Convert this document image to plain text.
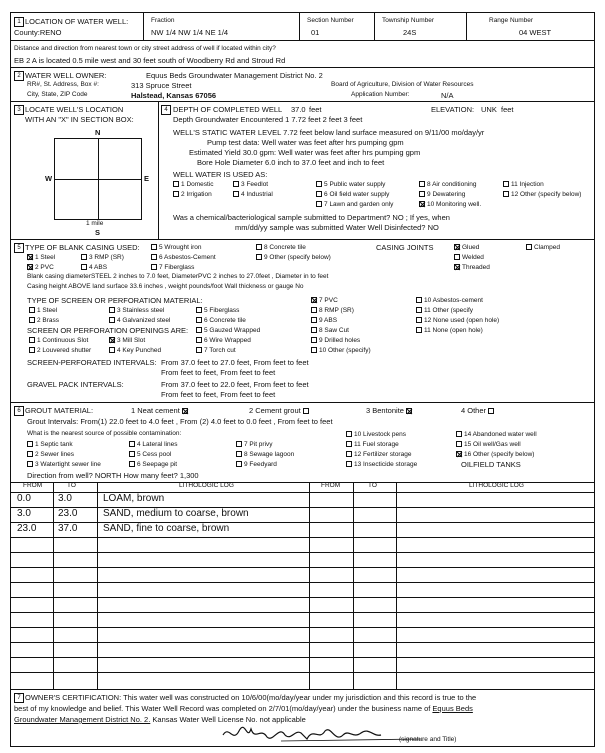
1 LOCATION OF WATER WELL:
County:RENO
Fraction
NW 1/4 NW 1/4 NE 1/4
Section Number
01
Township Number
24S
Range Number
04 WEST
Distance and direction from nearest town or city street address of well if located within city?
EB 2 A is located 0.5 mile west and 30 feet south of Woodberry Rd and Stroud Rd
2 WATER WELL OWNER:	Equus Beds Groundwater Management District No. 2
RR#, St. Address, Box #:	313 Spruce Street	Board of Agriculture, Division of Water Resources
City, State, ZIP Code	Halstead, Kansas 67056	Application Number:	N/A
3 LOCATE WELL'S LOCATION
WITH AN "X" IN SECTION BOX:
N
S
W	E
1 mile
4 DEPTH OF COMPLETED WELL 37.0 feet	ELEVATION: UNK feet
Depth Groundwater Encountered 1 7.72 feet 2 feet 3 feet
WELL'S STATIC WATER LEVEL 7.72 feet below land surface measured on 9/11/00 mo/day/yr
Pump test data: Well water was feet after hrs pumping gpm
Estimated Yield 30.0 gpm: Well water was feet after hrs pumping gpm
Bore Hole Diameter 6.0 inch to 37.0 feet and inch to feet
WELL WATER IS USED AS:
1 Domestic	3 Feedlot	5 Public water supply	8 Air conditioning	11 Injection
2 Irrigation	4 Industrial	6 Oil field water supply	9 Dewatering	12 Other (specify below)
7 Lawn and garden only	10 Monitoring well.
Was a chemical/bacteriological sample submitted to Department? NO ; If yes, when
mm/dd/yy sample was submitted Water Well Disinfected? NO
5 TYPE OF BLANK CASING USED:
1 Steel	3 RMP (SR)
5 Wrought iron	8 Concrete tile
2 PVC	4 ABS
6 Asbestos-Cement	9 Other (specify below)
7 Fiberglass
CASING JOINTS	Glued	Clamped
Welded
Threaded
Blank casing diameterSTEEL 2 inches to 7.0 feet, DiameterPVC 2 inches to 27.0feet , Diameter in to feet
Casing height ABOVE land surface 33.6 inches , weight pounds/foot Wall thickness or gauge No
TYPE OF SCREEN OR PERFORATION MATERIAL:
1 Steel	3 Stainless steel	5 Fiberglass
7 PVC	10 Asbestos-cement
2 Brass	4 Galvanized steel	6 Concrete tile
8 RMP (SR)	11 Other (specify
9 ABS	12 None used (open hole)
SCREEN OR PERFORATION OPENINGS ARE:	5 Gauzed Wrapped	8 Saw Cut	11 None (open hole)
1 Continuous Slot	3 Mill Slot	6 Wire Wrapped	9 Drilled holes
2 Louvered shutter	4 Key Punched	7 Torch cut	10 Other (specify)
SCREEN-PERFORATED INTERVALS: From 37.0 feet to 27.0 feet, From feet to feet
From feet to feet, From feet to feet
GRAVEL PACK INTERVALS:	From 37.0 feet to 22.0 feet, From feet to feet
From feet to feet, From feet to feet
6 GROUT MATERIAL:	1 Neat cement	2 Cement grout	3 Bentonite	4 Other
Grout Intervals: From(1) 22.0 feet to 4.0 feet , From (2) 4.0 feet to 0.0 feet , From feet to feet
What is the nearest source of possible contamination:
1 Septic tank	4 Lateral lines	7 Pit privy
10 Livestock pens	14 Abandoned water well
2 Sewer lines	5 Cess pool	8 Sewage lagoon
11 Fuel storage	15 Oil well/Gas well
3 Watertight sewer line	6 Seepage pit	9 Feedyard
12 Fertilizer storage	16 Other (specify below)
13 Insecticide storage	OILFIELD TANKS
Direction from well? NORTH How many feet? 1,300
FROM	TO	LITHOLOGIC LOG	FROM	TO	LITHOLOGIC LOG
0.0	3.0	LOAM, brown
3.0	23.0	SAND, medium to coarse, brown
23.0 37.0	SAND, fine to coarse, brown
7 OWNER'S CERTIFICATION: This water well was constructed on 10/6/00(mo/day/year under my jurisdiction and this record is true to the
best of my knowledge and belief. This Water Well Record was completed on 2/7/01(mo/day/year) under the business name of Equus Beds
Groundwater Management District No. 2. Kansas Water Well License No. not applicable
(signature and Title)
